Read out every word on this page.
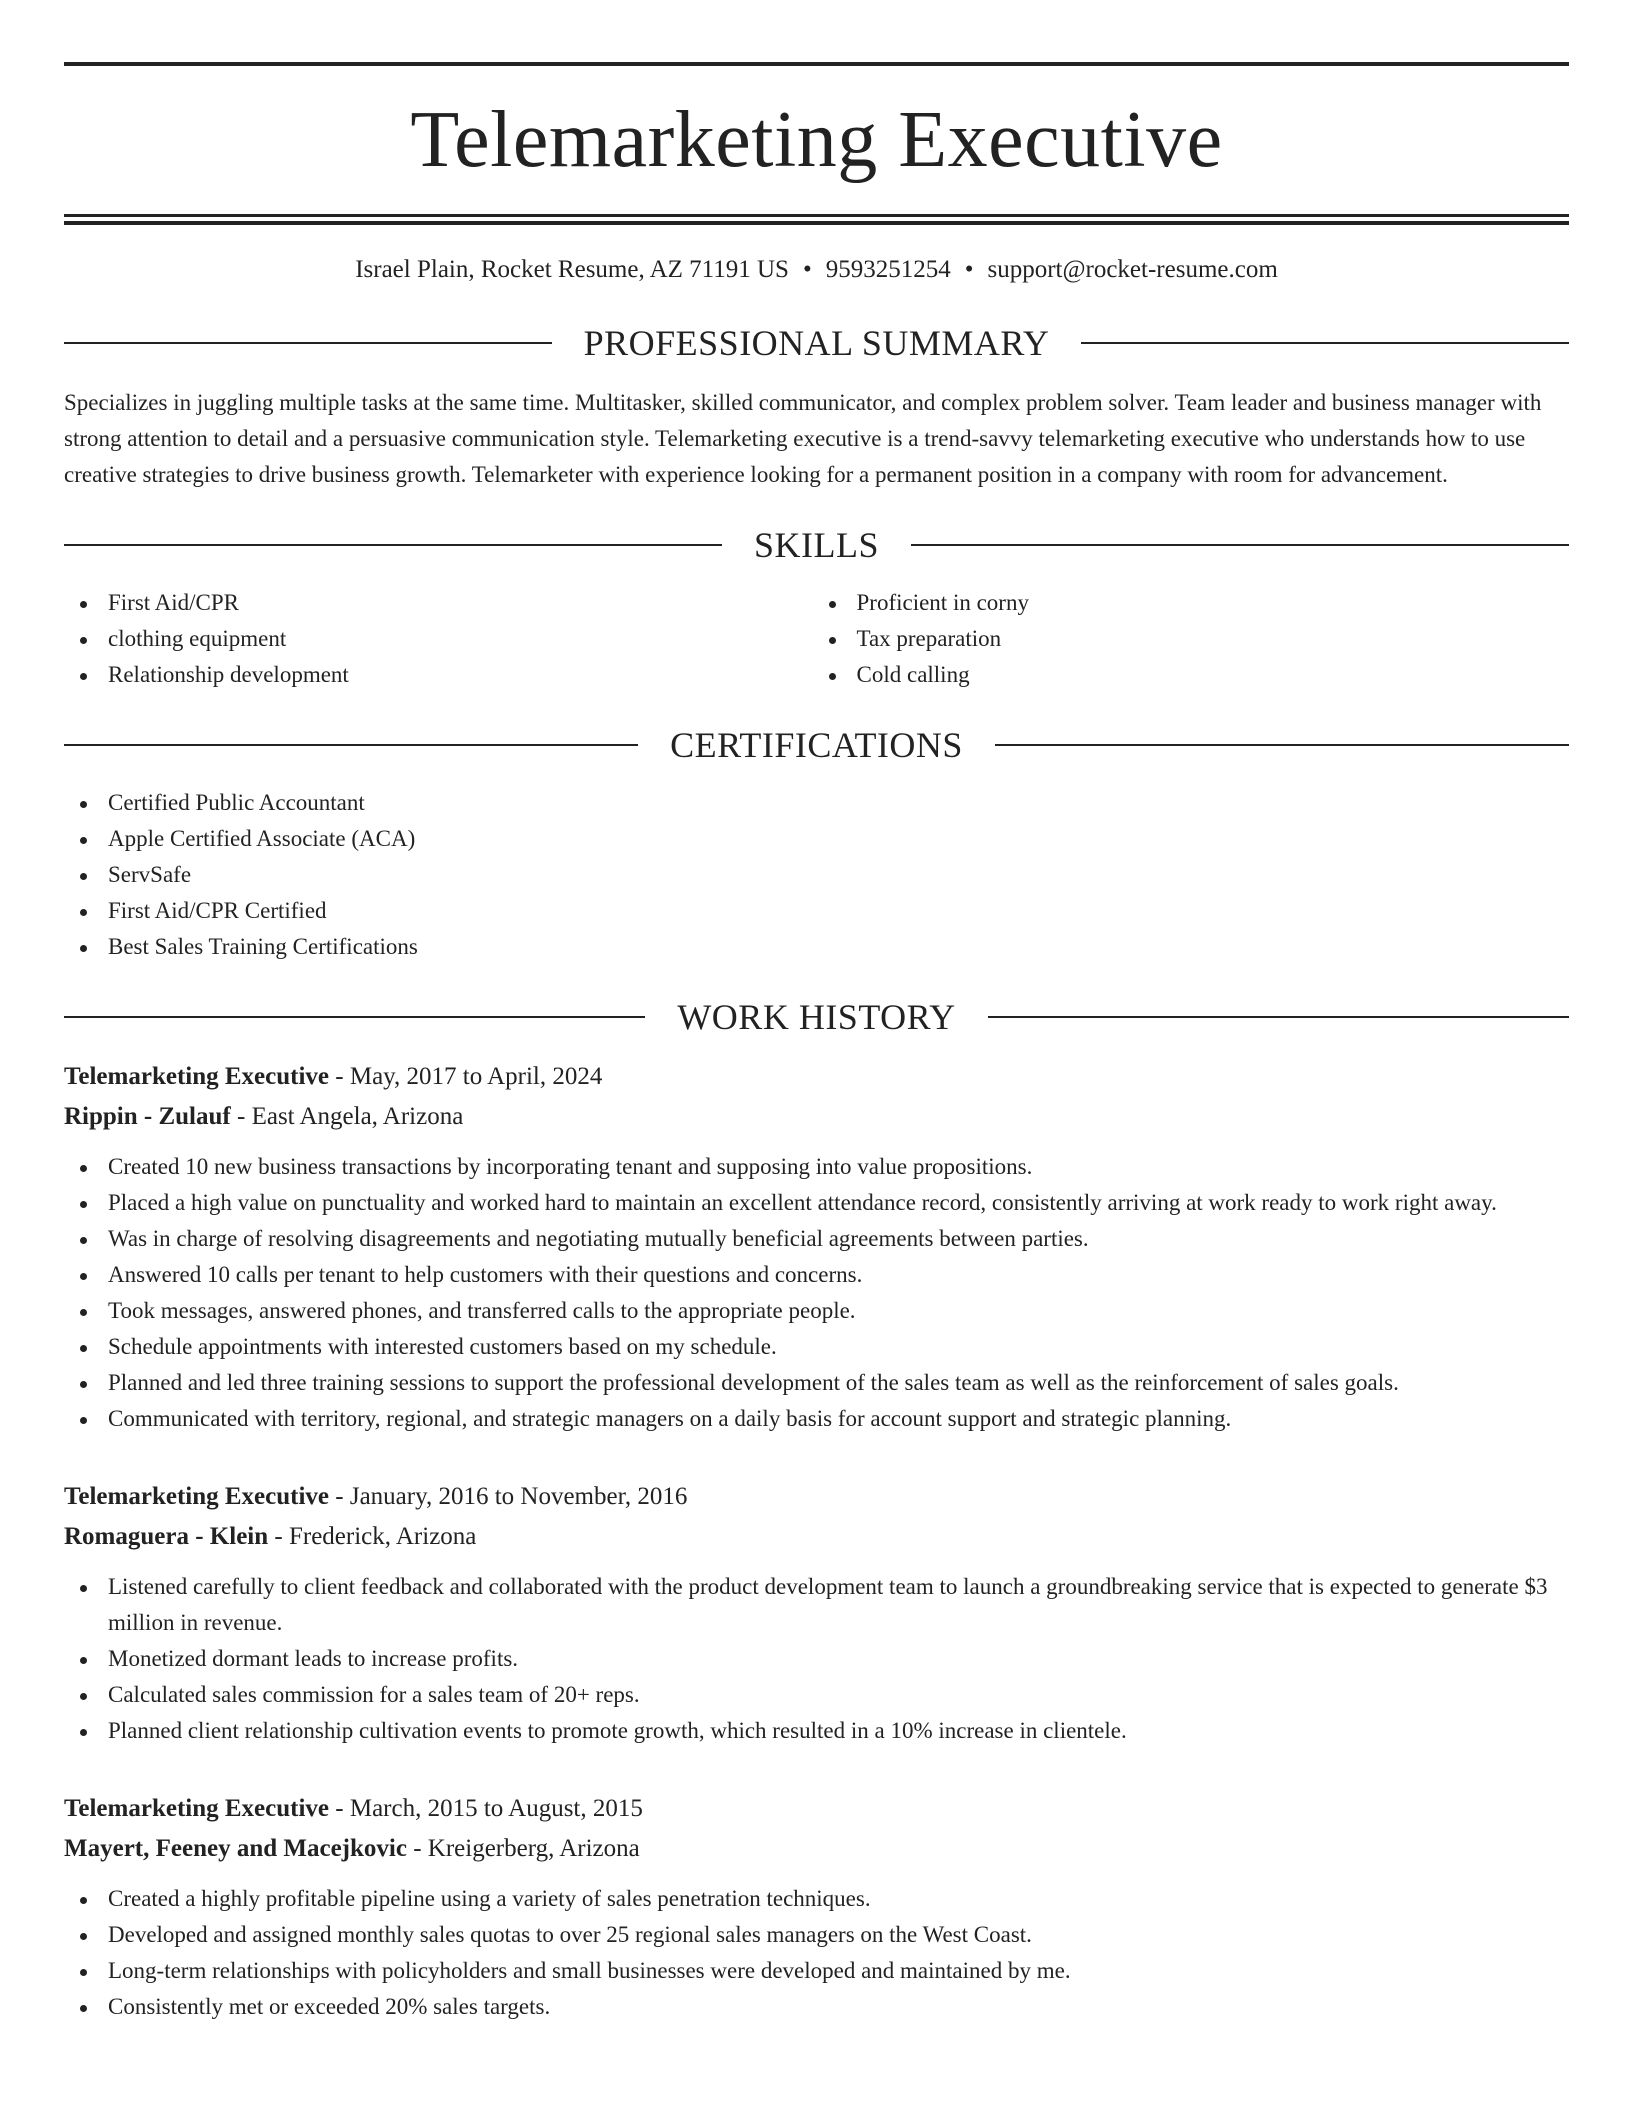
Telemarketing Executive
Israel Plain, Rocket Resume, AZ 71191 US • 9593251254 • support@rocket-resume.com
PROFESSIONAL SUMMARY

Specializes in juggling multiple tasks at the same time. Multitasker, skilled communicator, and complex problem solver. Team leader and business manager with strong attention to detail and a persuasive communication style. Telemarketing executive is a trend-savvy telemarketing executive who understands how to use creative strategies to drive business growth. Telemarketer with experience looking for a permanent position in a company with room for advancement.

SKILLS
First Aid/CPR
clothing equipment
Relationship development
Proficient in corny
Tax preparation
Cold calling
CERTIFICATIONS
Certified Public Accountant
Apple Certified Associate (ACA)
ServSafe
First Aid/CPR Certified
Best Sales Training Certifications
WORK HISTORY
Telemarketing Executive - May, 2017 to April, 2024
Rippin - Zulauf - East Angela, Arizona
Created 10 new business transactions by incorporating tenant and supposing into value propositions.
Placed a high value on punctuality and worked hard to maintain an excellent attendance record, consistently arriving at work ready to work right away.
Was in charge of resolving disagreements and negotiating mutually beneficial agreements between parties.
Answered 10 calls per tenant to help customers with their questions and concerns.
Took messages, answered phones, and transferred calls to the appropriate people.
Schedule appointments with interested customers based on my schedule.
Planned and led three training sessions to support the professional development of the sales team as well as the reinforcement of sales goals.
Communicated with territory, regional, and strategic managers on a daily basis for account support and strategic planning.
Telemarketing Executive - January, 2016 to November, 2016
Romaguera - Klein - Frederick, Arizona
Listened carefully to client feedback and collaborated with the product development team to launch a groundbreaking service that is expected to generate $3 million in revenue.
Monetized dormant leads to increase profits.
Calculated sales commission for a sales team of 20+ reps.
Planned client relationship cultivation events to promote growth, which resulted in a 10% increase in clientele.
Telemarketing Executive - March, 2015 to August, 2015
Mayert, Feeney and Macejkovic - Kreigerberg, Arizona
Created a highly profitable pipeline using a variety of sales penetration techniques.
Developed and assigned monthly sales quotas to over 25 regional sales managers on the West Coast.
Long-term relationships with policyholders and small businesses were developed and maintained by me.
Consistently met or exceeded 20% sales targets.
